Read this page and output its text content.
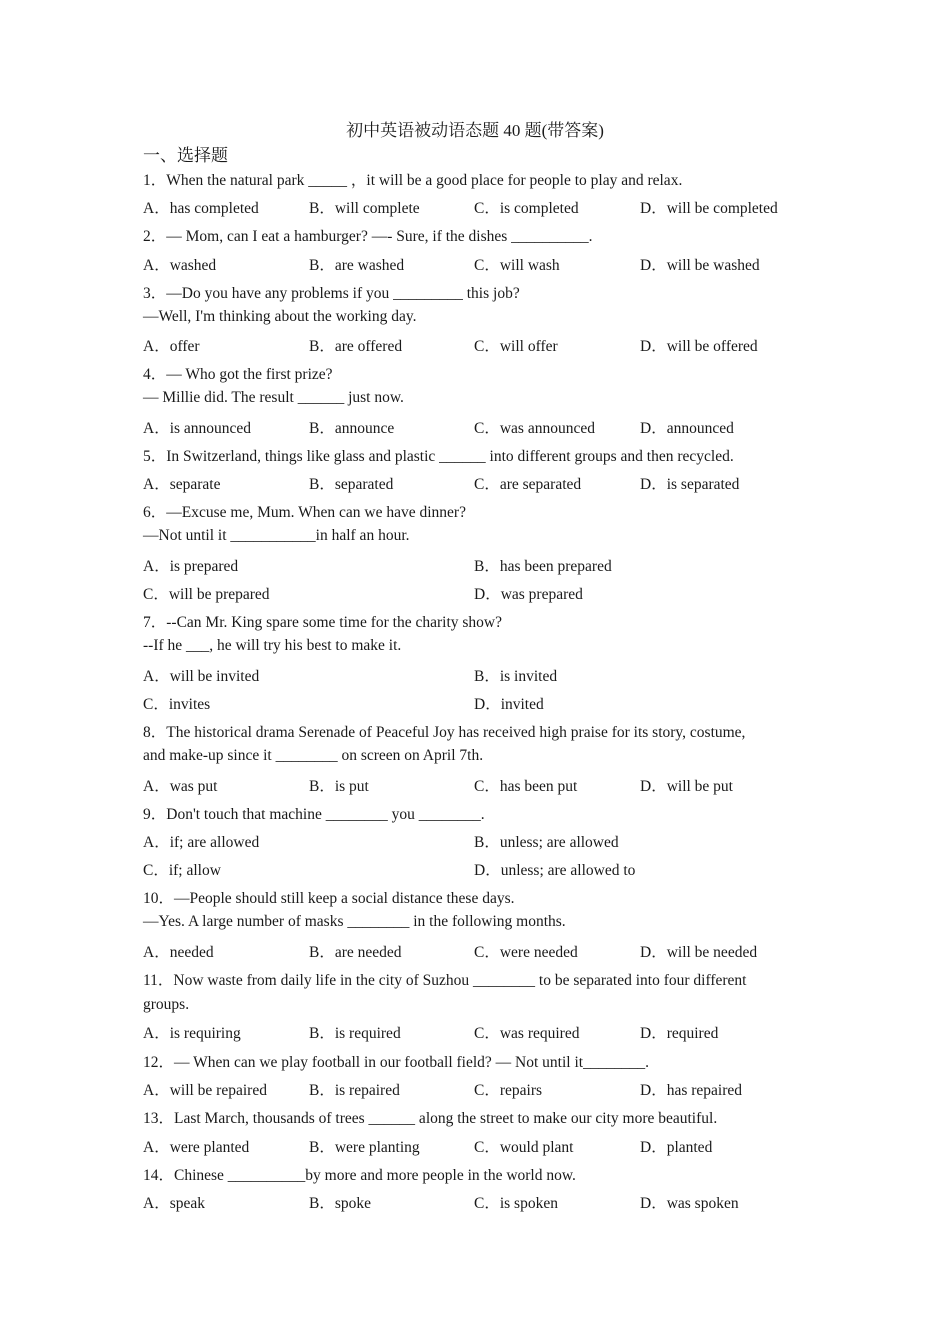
初中英语被动语态题 40 题(带答案)
一、选择题
1．When the natural park _____ ，it will be a good place for people to play and relax.
A．has completed	B．will complete	C．is completed	D．will be completed
2．— Mom, can I eat a hamburger? —- Sure, if the dishes __________.
A．washed	B．are washed	C．will wash	D．will be washed
3．—Do you have any problems if you _________ this job?
—Well, I'm thinking about the working day.
A．offer	B．are offered	C．will offer	D．will be offered
4．— Who got the first prize?
— Millie did. The result ______ just now.
A．is announced	B．announce	C．was announced	D．announced
5．In Switzerland, things like glass and plastic ______ into different groups and then recycled.
A．separate	B．separated	C．are separated	D．is separated
6．—Excuse me, Mum. When can we have dinner?
—Not until it ___________in half an hour.
A．is prepared	B．has been prepared
C．will be prepared	D．was prepared
7．--Can Mr. King spare some time for the charity show?
--If he ___, he will try his best to make it.
A．will be invited	B．is invited
C．invites	D．invited
8．The historical drama Serenade of Peaceful Joy has received high praise for its story, costume,
and make-up since it ________ on screen on April 7th.
A．was put	B．is put	C．has been put	D．will be put
9．Don't touch that machine ________ you ________.
A．if; are allowed	B．unless; are allowed
C．if; allow	D．unless; are allowed to
10．—People should still keep a social distance these days.
—Yes. A large number of masks ________ in the following months.
A．needed	B．are needed	C．were needed	D．will be needed
11．Now waste from daily life in the city of Suzhou ________ to be separated into four different
groups.
A．is requiring	B．is required	C．was required	D．required
12．— When can we play football in our football field? — Not until it________.
A．will be repaired	B．is repaired	C．repairs	D．has repaired
13．Last March, thousands of trees ______ along the street to make our city more beautiful.
A．were planted	B．were planting	C．would plant	D．planted
14．Chinese __________by more and more people in the world now.
A．speak	B．spoke	C．is spoken	D．was spoken
